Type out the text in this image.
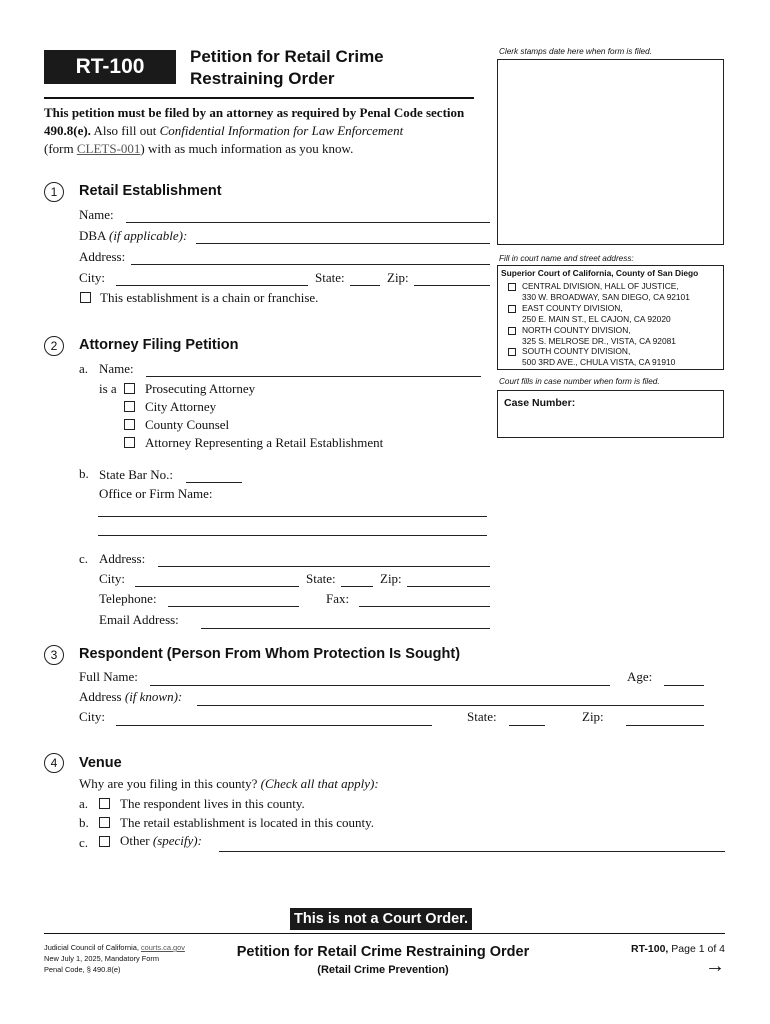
RT-100	Petition for Retail Crime
Restraining Order
Clerk stamps date here when form is filed.
This petition must be filed by an attorney as required by Penal Code section 490.8(e). Also fill out Confidential Information for Law Enforcement
(form CLETS-001) with as much information as you know.
Fill in court name and street address:
Superior Court of California, County of San Diego
CENTRAL DIVISION, HALL OF JUSTICE,
330 W. BROADWAY, SAN DIEGO, CA 92101
EAST COUNTY DIVISION,
250 E. MAIN ST., EL CAJON, CA 92020
NORTH COUNTY DIVISION,
325 S. MELROSE DR., VISTA, CA 92081
SOUTH COUNTY DIVISION,
500 3RD AVE., CHULA VISTA, CA 91910
Court fills in case number when form is filed.
Case Number:
1	Retail Establishment
Name:
DBA (if applicable):
Address:
City:	State:	Zip:
This establishment is a chain or franchise.
2	Attorney Filing Petition
a. Name:
is a Prosecuting Attorney
City Attorney
County Counsel
Attorney Representing a Retail Establishment
b. State Bar No.:
Office or Firm Name:
c. Address:
City:	State:	Zip:
Telephone:	Fax:
Email Address:
3	Respondent (Person From Whom Protection Is Sought)
Full Name:	Age:
Address (if known):
City:	State:	Zip:
4	Venue
Why are you filing in this county? (Check all that apply):
a. The respondent lives in this county.
b. The retail establishment is located in this county.
c. Other (specify):
This is not a Court Order.
Judicial Council of California, courts.ca.gov
New July 1, 2025, Mandatory Form
Penal Code, § 490.8(e)
Petition for Retail Crime Restraining Order
(Retail Crime Prevention)
RT-100, Page 1 of 4
→
